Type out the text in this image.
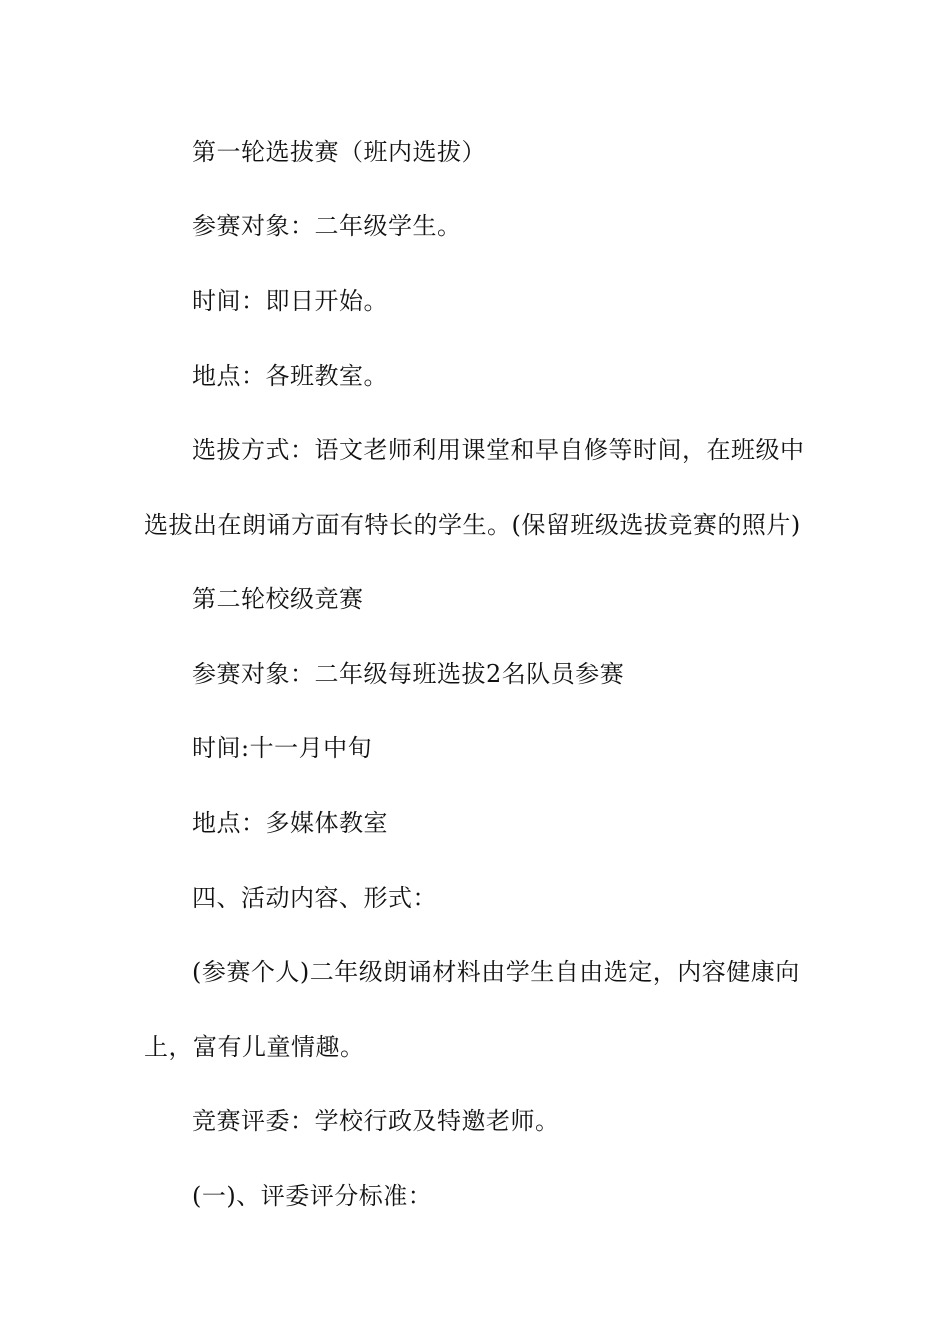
第一轮选拔赛（班内选拔）
参赛对象：二年级学生。
时间：即日开始。
地点：各班教室。
选拔方式：语文老师利用课堂和早自修等时间，在班级中
选拔出在朗诵方面有特长的学生。(保留班级选拔竞赛的照片)
第二轮校级竞赛
参赛对象：二年级每班选拔2名队员参赛
时间:十一月中旬
地点：多媒体教室
四、活动内容、形式：
(参赛个人)二年级朗诵材料由学生自由选定，内容健康向
上，富有儿童情趣。
竞赛评委：学校行政及特邀老师。
(一)、评委评分标准：
